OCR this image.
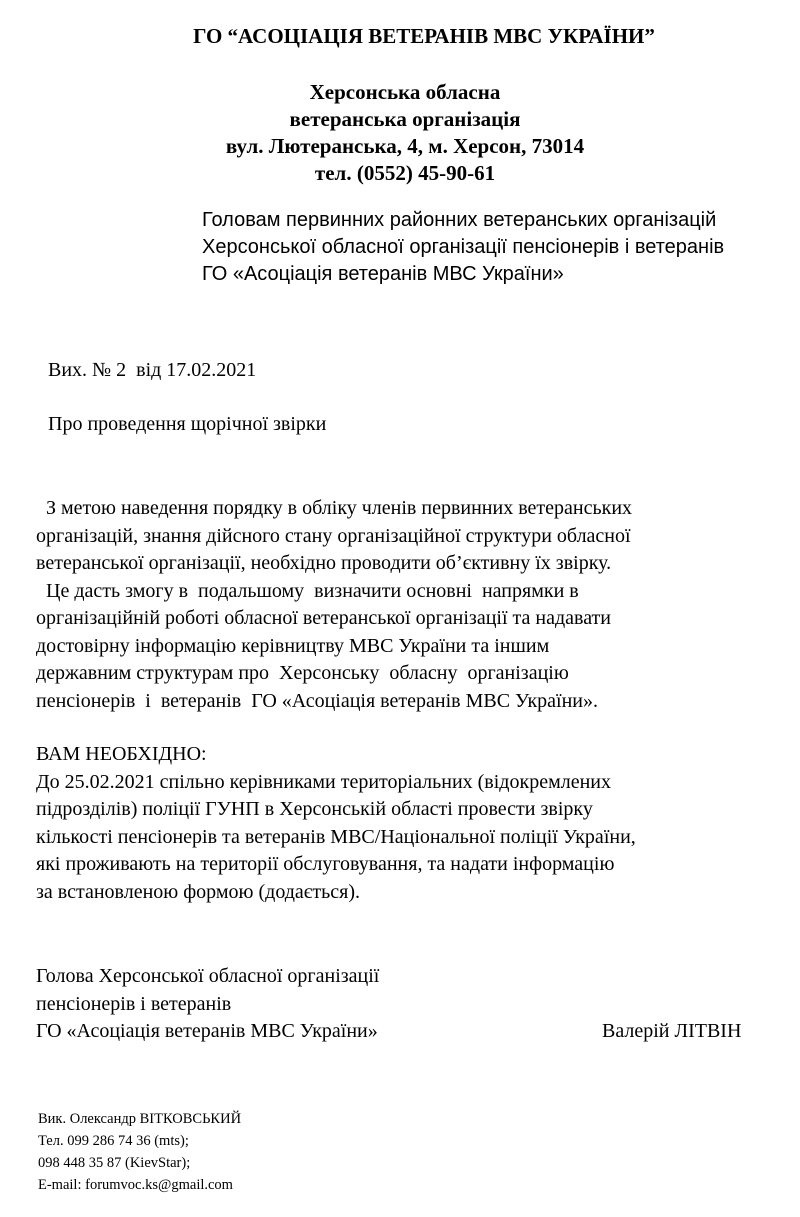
ГО “АСОЦІАЦІЯ ВЕТЕРАНІВ МВС УКРАЇНИ”
Херсонська обласна
ветеранська організація
вул. Лютеранська, 4, м. Херсон, 73014
тел. (0552) 45-90-61
Головам первинних районних ветеранських організацій
Херсонської обласної організації пенсіонерів і ветеранів
ГО «Асоціація ветеранів МВС України»
Вих. № 2  від 17.02.2021
Про проведення щорічної звірки
З метою наведення порядку в обліку членів первинних ветеранських
організацій, знання дійсного стану організаційної структури обласної
ветеранської організації, необхідно проводити об’єктивну їх звірку.
Це дасть змогу в  подальшому  визначити основні  напрямки в
організаційній роботі обласної ветеранської організації та надавати
достовірну інформацію керівництву МВС України та іншим
державним структурам про  Херсонську  обласну  організацію
пенсіонерів  і  ветеранів  ГО «Асоціація ветеранів МВС України».
ВАМ НЕОБХІДНО:
До 25.02.2021 спільно керівниками територіальних (відокремлених
підрозділів) поліції ГУНП в Херсонській області провести звірку
кількості пенсіонерів та ветеранів МВС/Національної поліції України,
які проживають на території обслуговування, та надати інформацію
за встановленою формою (додається).
Голова Херсонської обласної організації
пенсіонерів і ветеранів
ГО «Асоціація ветеранів МВС України»	Валерій ЛІТВІН
Вик. Олександр ВІТКОВСЬКИЙ
Тел. 099 286 74 36 (mts);
098 448 35 87 (KievStar);
E-mail: forumvoc.ks@gmail.com
